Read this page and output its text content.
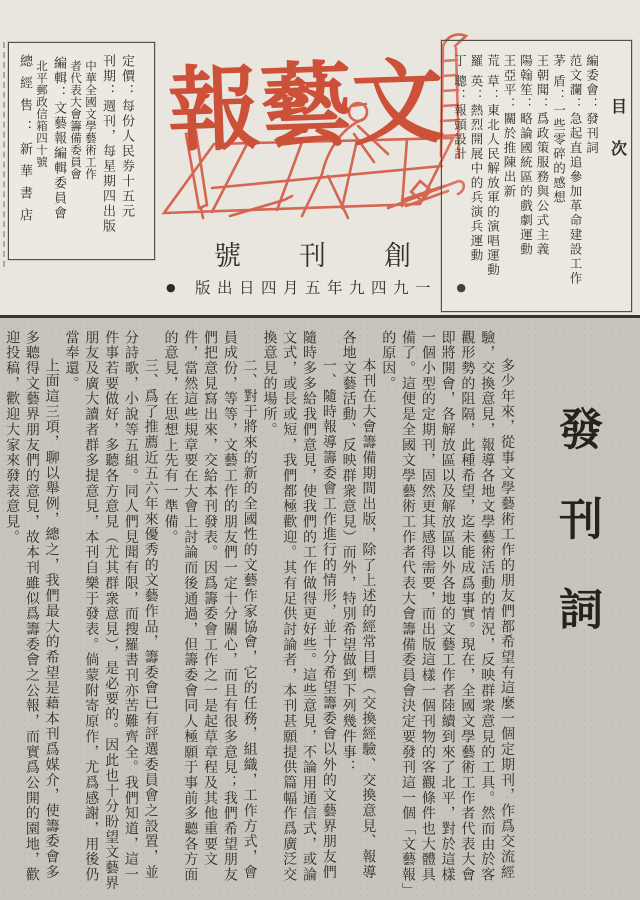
定價：每份人民券十五元
刊期：週刊，每星期四出版
中華全國文學藝術工作
者代表大會籌備委員會
編輯：文藝報編輯委員會
北平郵政信箱四十號
總經售：新華書店 報藝文
號刊創
● 版出日四月五年九四九一 ●
目次
編委會：發刊詞
范文瀾：急起直追參加革命建設工作
茅 盾：一些零碎的感想
王朝聞：爲政策服務與公式主義
陽翰笙：略論國統區的戲劇運動
王亞平：關於推陳出新
荒 草：東北人民解放軍的演唱運動
羅 英：熱烈開展中的兵演兵運動
丁 聰：報頭設計
發刊詞

多少年來，從事文學藝術工作的朋友們都希望有這麼一個定期刊，作爲交流經驗，交換意見，報導各地文學藝術活動的情況，反映群衆意見的工具。然而由於客觀形勢的阻隔，此種希望，迄未能成爲事實。現在，全國文學藝術工作者代表大會即將開會，各解放區以及解放區以外各地的文藝工作者陸續到來了北平，對於這樣一個小型的定期刊，固然更其感得需要，而出版這樣一個刊物的客觀條件也大體具備了。這便是全國文學藝術工作者代表大會籌備委員會決定要發刊這一個「文藝報」的原因。

本刊在大會籌備期間出版，除了上述的經常目標（交換經驗、交換意見、報導各地文藝活動、反映群衆意見）而外，特別希望做到下列幾件事：

一、隨時報導籌委會工作進行的情形，並十分希望籌委會以外的文藝界朋友們隨時多多給我們意見，使我們的工作做得更好些。這些意見，不論用通信式，或論文式，或長或短，我們都極歡迎。其有足供討論者，本刊甚願提供篇幅作爲廣泛交換意見的場所。

二、對于將來的新的全國性的文藝作家協會，它的任務，組織，工作方式，會員成份，等等，文藝工作的朋友們一定十分關心，而且有很多意見；我們希望朋友們把意見寫出來，交給本刊發表。因爲籌委會工作之一是起草章程及其他重要文件，當然這些規章要在大會上討論而後通過，但籌委會同人極願于事前多聽各方面的意見，在思想上先有一準備。

三、爲了推薦近五六年來優秀的文藝作品，籌委會已有評選委員會之設置，並分詩歌，小說等五組。同人們見聞有限，而搜羅書刊亦苦難齊全。我們知道，這一件事若要做好，多聽各方意見（尤其群衆意見），是必要的。因此也十分盼望文藝界朋友及廣大讀者群多提意見，本刊自樂于發表。倘蒙附寄原作，尤爲感謝，用後仍當奉還。

上面這三項，聊以舉例，總之，我們最大的希望是藉本刊爲媒介，使籌委會多多聽得文藝界朋友們的意見，故本刊雖似爲籌委會之公報，而實爲公開的園地，歡迎投稿，歡迎大家來發表意見。
